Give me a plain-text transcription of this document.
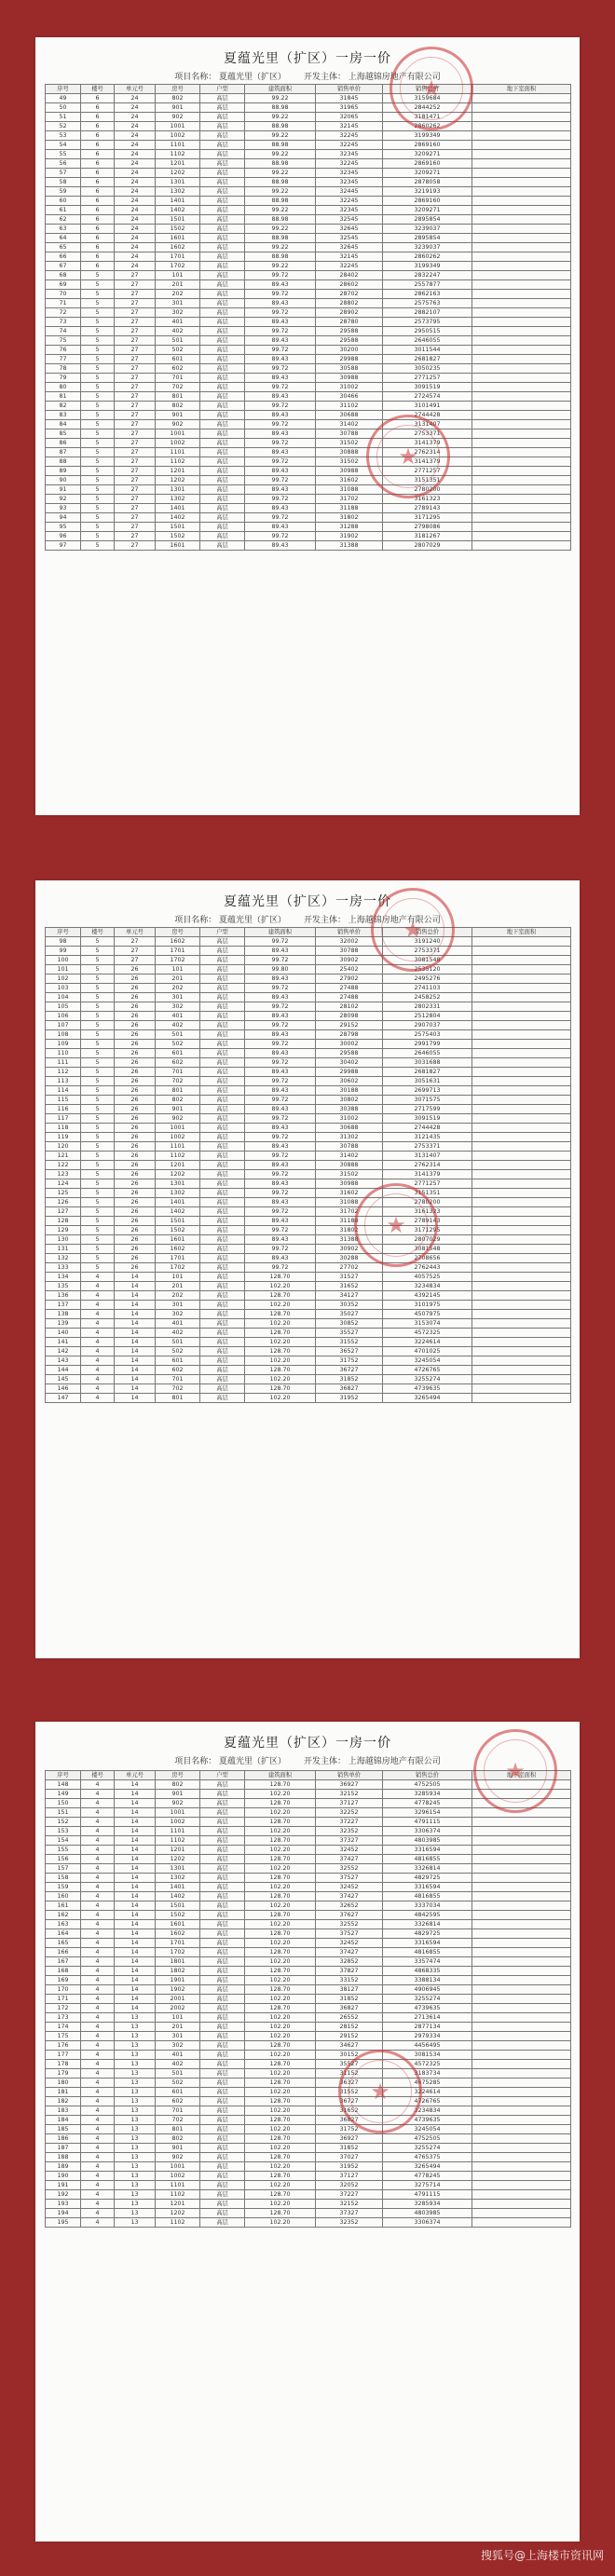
夏蕴光里（扩区）一房一价
项目名称： 夏蕴光里（扩区） 开发主体： 上海越锦房地产有限公司
序号	楼号	单元号	房号	户型	建筑面积	销售单价	销售总价	地下室面积
49	6	24	802	高层	99.22	31845	3159684	
50	6	24	901	高层	88.98	31965	2844252	
51	6	24	902	高层	99.22	32065	3181471	
52	6	24	1001	高层	88.98	32145	2860262	
53	6	24	1002	高层	99.22	32245	3199349	
54	6	24	1101	高层	88.98	32245	2869160	
55	6	24	1102	高层	99.22	32345	3209271	
56	6	24	1201	高层	88.98	32245	2869160	
57	6	24	1202	高层	99.22	32345	3209271	
58	6	24	1301	高层	88.98	32345	2878058	
59	6	24	1302	高层	99.22	32445	3219193	
60	6	24	1401	高层	88.98	32245	2869160	
61	6	24	1402	高层	99.22	32345	3209271	
62	6	24	1501	高层	88.98	32545	2895854	
63	6	24	1502	高层	99.22	32645	3239037	
64	6	24	1601	高层	88.98	32545	2895854	
65	6	24	1602	高层	99.22	32645	3239037	
66	6	24	1701	高层	88.98	32145	2860262	
67	6	24	1702	高层	99.22	32245	3199349	
68	5	27	101	高层	99.72	28402	2832247	
69	5	27	201	高层	89.43	28602	2557877	
70	5	27	202	高层	99.72	28702	2862163	
71	5	27	301	高层	89.43	28802	2575763	
72	5	27	302	高层	99.72	28902	2882107	
73	5	27	401	高层	89.43	28780	2573795	
74	5	27	402	高层	99.72	29588	2950515	
75	5	27	501	高层	89.43	29588	2646055	
76	5	27	502	高层	99.72	30200	3011544	
77	5	27	601	高层	89.43	29988	2681827	
78	5	27	602	高层	99.72	30588	3050235	
79	5	27	701	高层	89.43	30988	2771257	
80	5	27	702	高层	99.72	31002	3091519	
81	5	27	801	高层	89.43	30466	2724574	
82	5	27	802	高层	99.72	31102	3101491	
83	5	27	901	高层	89.43	30688	2744428	
84	5	27	902	高层	99.72	31402	3131407	
85	5	27	1001	高层	89.43	30788	2753371	
86	5	27	1002	高层	99.72	31502	3141379	
87	5	27	1101	高层	89.43	30888	2762314	
88	5	27	1102	高层	99.72	31502	3141379	
89	5	27	1201	高层	89.43	30988	2771257	
90	5	27	1202	高层	99.72	31602	3151351	
91	5	27	1301	高层	89.43	31088	2780200	
92	5	27	1302	高层	99.72	31702	3161323	
93	5	27	1401	高层	89.43	31188	2789143	
94	5	27	1402	高层	99.72	31802	3171295	
95	5	27	1501	高层	89.43	31288	2798086	
96	5	27	1502	高层	99.72	31902	3181267	
97	5	27	1601	高层	89.43	31388	2807029	
★
★
夏蕴光里（扩区）一房一价
项目名称： 夏蕴光里（扩区） 开发主体： 上海越锦房地产有限公司
序号	楼号	单元号	房号	户型	建筑面积	销售单价	销售总价	地下室面积
98	5	27	1602	高层	99.72	32002	3191240	
99	5	27	1701	高层	89.43	30788	2753371	
100	5	27	1702	高层	99.72	30902	3081548	
101	5	26	101	高层	99.80	25402	2535120	
102	5	26	201	高层	89.43	27902	2495276	
103	5	26	202	高层	99.72	27488	2741103	
104	5	26	301	高层	89.43	27488	2458252	
105	5	26	302	高层	99.72	28102	2802331	
106	5	26	401	高层	89.43	28098	2512804	
107	5	26	402	高层	99.72	29152	2907037	
108	5	26	501	高层	89.43	28798	2575403	
109	5	26	502	高层	99.72	30002	2991799	
110	5	26	601	高层	89.43	29588	2646055	
111	5	26	602	高层	99.72	30402	3031688	
112	5	26	701	高层	89.43	29988	2681827	
113	5	26	702	高层	99.72	30602	3051631	
114	5	26	801	高层	89.43	30188	2699713	
115	5	26	802	高层	99.72	30802	3071575	
116	5	26	901	高层	89.43	30388	2717599	
117	5	26	902	高层	99.72	31002	3091519	
118	5	26	1001	高层	89.43	30688	2744428	
119	5	26	1002	高层	99.72	31302	3121435	
120	5	26	1101	高层	89.43	30788	2753371	
121	5	26	1102	高层	99.72	31402	3131407	
122	5	26	1201	高层	89.43	30888	2762314	
123	5	26	1202	高层	99.72	31502	3141379	
124	5	26	1301	高层	89.43	30988	2771257	
125	5	26	1302	高层	99.72	31602	3151351	
126	5	26	1401	高层	89.43	31088	2780200	
127	5	26	1402	高层	99.72	31702	3161323	
128	5	26	1501	高层	89.43	31188	2789143	
129	5	26	1502	高层	99.72	31802	3171295	
130	5	26	1601	高层	89.43	31388	2807029	
131	5	26	1602	高层	99.72	30902	3081548	
132	5	26	1701	高层	89.43	30288	2708656	
133	5	26	1702	高层	99.72	27702	2762443	
134	4	14	101	高层	128.70	31527	4057525	
135	4	14	201	高层	102.20	31652	3234834	
136	4	14	202	高层	128.70	34127	4392145	
137	4	14	301	高层	102.20	30352	3101975	
138	4	14	302	高层	128.70	35027	4507975	
139	4	14	401	高层	102.20	30852	3153074	
140	4	14	402	高层	128.70	35527	4572325	
141	4	14	501	高层	102.20	31552	3224614	
142	4	14	502	高层	128.70	36527	4701025	
143	4	14	601	高层	102.20	31752	3245054	
144	4	14	602	高层	128.70	36727	4726765	
145	4	14	701	高层	102.20	31852	3255274	
146	4	14	702	高层	128.70	36827	4739635	
147	4	14	801	高层	102.20	31952	3265494	
★
★
夏蕴光里（扩区）一房一价
项目名称： 夏蕴光里（扩区） 开发主体： 上海越锦房地产有限公司
序号	楼号	单元号	房号	户型	建筑面积	销售单价	销售总价	地下室面积
148	4	14	802	高层	128.70	36927	4752505	
149	4	14	901	高层	102.20	32152	3285934	
150	4	14	902	高层	128.70	37127	4778245	
151	4	14	1001	高层	102.20	32252	3296154	
152	4	14	1002	高层	128.70	37227	4791115	
153	4	14	1101	高层	102.20	32352	3306374	
154	4	14	1102	高层	128.70	37327	4803985	
155	4	14	1201	高层	102.20	32452	3316594	
156	4	14	1202	高层	128.70	37427	4816855	
157	4	14	1301	高层	102.20	32552	3326814	
158	4	14	1302	高层	128.70	37527	4829725	
159	4	14	1401	高层	102.20	32452	3316594	
160	4	14	1402	高层	128.70	37427	4816855	
161	4	14	1501	高层	102.20	32652	3337034	
162	4	14	1502	高层	128.70	37627	4842595	
163	4	14	1601	高层	102.20	32552	3326814	
164	4	14	1602	高层	128.70	37527	4829725	
165	4	14	1701	高层	102.20	32452	3316594	
166	4	14	1702	高层	128.70	37427	4816855	
167	4	14	1801	高层	102.20	32852	3357474	
168	4	14	1802	高层	128.70	37827	4868335	
169	4	14	1901	高层	102.20	33152	3388134	
170	4	14	1902	高层	128.70	38127	4906945	
171	4	14	2001	高层	102.20	31852	3255274	
172	4	14	2002	高层	128.70	36827	4739635	
173	4	13	101	高层	102.20	26552	2713614	
174	4	13	201	高层	102.20	28152	2877134	
175	4	13	301	高层	102.20	29152	2979334	
176	4	13	302	高层	128.70	34627	4456495	
177	4	13	401	高层	102.20	30152	3081534	
178	4	13	402	高层	128.70	35527	4572325	
179	4	13	501	高层	102.20	31152	3183734	
180	4	13	502	高层	128.70	36327	4675285	
181	4	13	601	高层	102.20	31552	3224614	
182	4	13	602	高层	128.70	36727	4726765	
183	4	13	701	高层	102.20	31652	3234834	
184	4	13	702	高层	128.70	36827	4739635	
185	4	13	801	高层	102.20	31752	3245054	
186	4	13	802	高层	128.70	36927	4752505	
187	4	13	901	高层	102.20	31852	3255274	
188	4	13	902	高层	128.70	37027	4765375	
189	4	13	1001	高层	102.20	31952	3265494	
190	4	13	1002	高层	128.70	37127	4778245	
191	4	13	1101	高层	102.20	32052	3275714	
192	4	13	1102	高层	128.70	37227	4791115	
193	4	13	1201	高层	102.20	32152	3285934	
194	4	13	1202	高层	128.70	37327	4803985	
195	4	13	1102	高层	102.20	32352	3306374	
★
★
搜狐号@上海楼市资讯网
